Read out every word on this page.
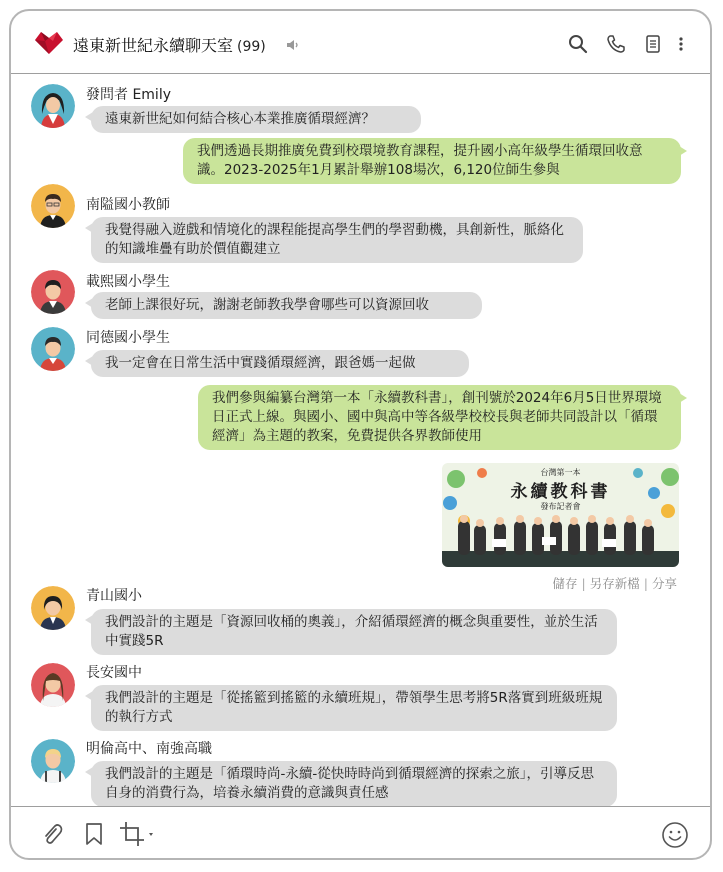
遠東新世紀永續聊天室 (99)
發問者 Emily
遠東新世紀如何結合核心本業推廣循環經濟？
我們透過長期推廣免費到校環境教育課程，提升國小高年級學生循環回收意識。2023-2025年1月累計舉辦108場次，6,120位師生參與
南隘國小教師
我覺得融入遊戲和情境化的課程能提高學生們的學習動機，具創新性，脈絡化的知識堆疊有助於價值觀建立
載熙國小學生
老師上課很好玩，謝謝老師教我學會哪些可以資源回收
同德國小學生
我一定會在日常生活中實踐循環經濟，跟爸媽一起做
我們參與編纂台灣第一本「永續教科書」，創刊號於2024年6月5日世界環境日正式上線。與國小、國中與高中等各級學校校長與老師共同設計以「循環經濟」為主題的教案，免費提供各界教師使用
台灣第一本
永續教科書
發布記者會
儲存 | 另存新檔 | 分享
青山國小
我們設計的主題是「資源回收桶的奧義」，介紹循環經濟的概念與重要性，並於生活中實踐5R
長安國中
我們設計的主題是「從搖籃到搖籃的永續班規」，帶領學生思考將5R落實到班級班規的執行方式
明倫高中、南強高職
我們設計的主題是「循環時尚-永續-從快時時尚到循環經濟的探索之旅」，引導反思自身的消費行為，培養永續消費的意識與責任感
